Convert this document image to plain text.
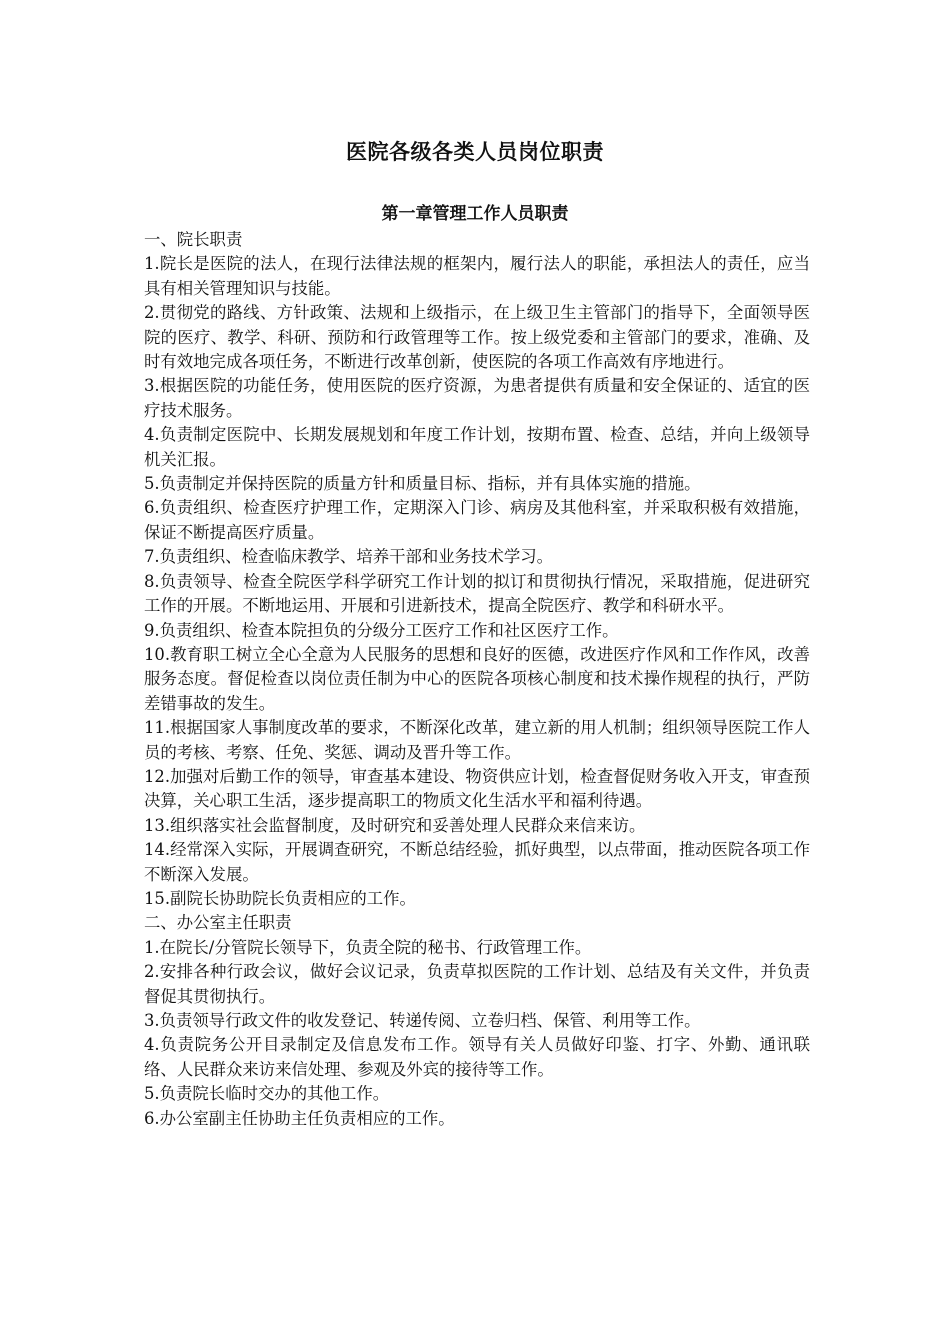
医院各级各类人员岗位职责
第一章管理工作人员职责

一、院长职责

1.院长是医院的法人，在现行法律法规的框架内，履行法人的职能，承担法人的责任，应当具有相关管理知识与技能。

2.贯彻党的路线、方针政策、法规和上级指示，在上级卫生主管部门的指导下，全面领导医院的医疗、教学、科研、预防和行政管理等工作。按上级党委和主管部门的要求，准确、及时有效地完成各项任务，不断进行改革创新，使医院的各项工作高效有序地进行。

3.根据医院的功能任务，使用医院的医疗资源，为患者提供有质量和安全保证的、适宜的医疗技术服务。

4.负责制定医院中、长期发展规划和年度工作计划，按期布置、检查、总结，并向上级领导机关汇报。

5.负责制定并保持医院的质量方针和质量目标、指标，并有具体实施的措施。

6.负责组织、检查医疗护理工作，定期深入门诊、病房及其他科室，并采取积极有效措施，保证不断提高医疗质量。

7.负责组织、检查临床教学、培养干部和业务技术学习。

8.负责领导、检查全院医学科学研究工作计划的拟订和贯彻执行情况，采取措施，促进研究工作的开展。不断地运用、开展和引进新技术，提高全院医疗、教学和科研水平。

9.负责组织、检查本院担负的分级分工医疗工作和社区医疗工作。

10.教育职工树立全心全意为人民服务的思想和良好的医德，改进医疗作风和工作作风，改善服务态度。督促检查以岗位责任制为中心的医院各项核心制度和技术操作规程的执行，严防差错事故的发生。

11.根据国家人事制度改革的要求，不断深化改革，建立新的用人机制；组织领导医院工作人员的考核、考察、任免、奖惩、调动及晋升等工作。

12.加强对后勤工作的领导，审查基本建设、物资供应计划，检查督促财务收入开支，审查预决算，关心职工生活，逐步提高职工的物质文化生活水平和福利待遇。

13.组织落实社会监督制度，及时研究和妥善处理人民群众来信来访。

14.经常深入实际，开展调查研究，不断总结经验，抓好典型，以点带面，推动医院各项工作不断深入发展。

15.副院长协助院长负责相应的工作。

二、办公室主任职责

1.在院长/分管院长领导下，负责全院的秘书、行政管理工作。

2.安排各种行政会议，做好会议记录，负责草拟医院的工作计划、总结及有关文件，并负责督促其贯彻执行。

3.负责领导行政文件的收发登记、转递传阅、立卷归档、保管、利用等工作。

4.负责院务公开目录制定及信息发布工作。领导有关人员做好印鉴、打字、外勤、通讯联络、人民群众来访来信处理、参观及外宾的接待等工作。

5.负责院长临时交办的其他工作。

6.办公室副主任协助主任负责相应的工作。
